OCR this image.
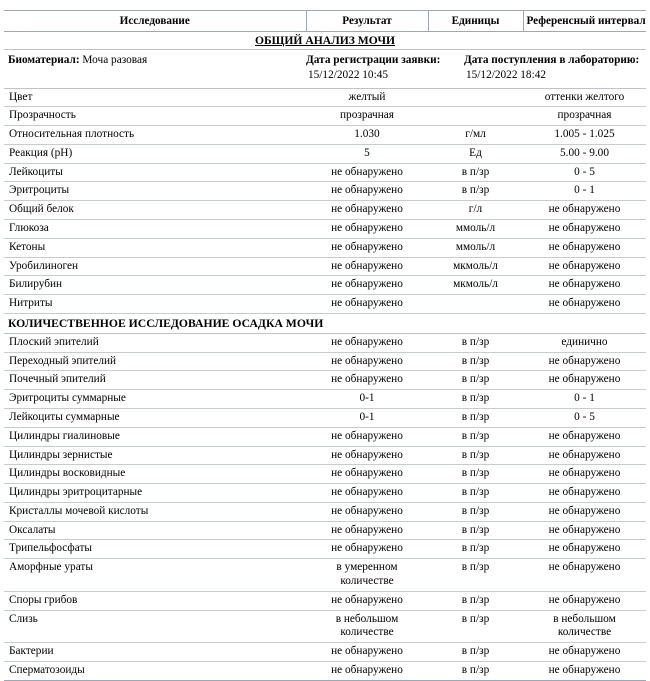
Исследование	Результат	Единицы	Референсный интервал
ОБЩИЙ АНАЛИЗ МОЧИ			

Биоматериал: Моча разовая Дата регистрации заявки:
15/12/2022 10:45
Дата поступления в лабораторию:
15/12/2022 18:42			

Цвет	желтый		оттенки желтого
Прозрачность	прозрачная		прозрачная
Относительная плотность	1.030	г/мл	1.005 - 1.025
Реакция (pH)	5	Ед	5.00 - 9.00
Лейкоциты	не обнаружено	в п/зр	0 - 5
Эритроциты	не обнаружено	в п/зр	0 - 1
Общий белок	не обнаружено	г/л	не обнаружено
Глюкоза	не обнаружено	ммоль/л	не обнаружено
Кетоны	не обнаружено	ммоль/л	не обнаружено
Уробилиноген	не обнаружено	мкмоль/л	не обнаружено
Билирубин	не обнаружено	мкмоль/л	не обнаружено
Нитриты	не обнаружено		не обнаружено
КОЛИЧЕСТВЕННОЕ ИССЛЕДОВАНИЕ ОСАДКА МОЧИ			
Плоский эпителий	не обнаружено	в п/зр	единично
Переходный эпителий	не обнаружено	в п/зр	не обнаружено
Почечный эпителий	не обнаружено	в п/зр	не обнаружено
Эритроциты суммарные	0-1	в п/зр	0 - 1
Лейкоциты суммарные	0-1	в п/зр	0 - 5
Цилиндры гиалиновые	не обнаружено	в п/зр	не обнаружено
Цилиндры зернистые	не обнаружено	в п/зр	не обнаружено
Цилиндры восковидные	не обнаружено	в п/зр	не обнаружено
Цилиндры эритроцитарные	не обнаружено	в п/зр	не обнаружено
Кристаллы мочевой кислоты	не обнаружено	в п/зр	не обнаружено
Оксалаты	не обнаружено	в п/зр	не обнаружено
Трипельфосфаты	не обнаружено	в п/зр	не обнаружено
Аморфные ураты	в умеренном количестве	в п/зр	не обнаружено
Споры грибов	не обнаружено	в п/зр	не обнаружено
Слизь	в небольшом количестве	в п/зр	в небольшом количестве
Бактерии	не обнаружено	в п/зр	не обнаружено
Сперматозоиды	не обнаружено	в п/зр	не обнаружено
